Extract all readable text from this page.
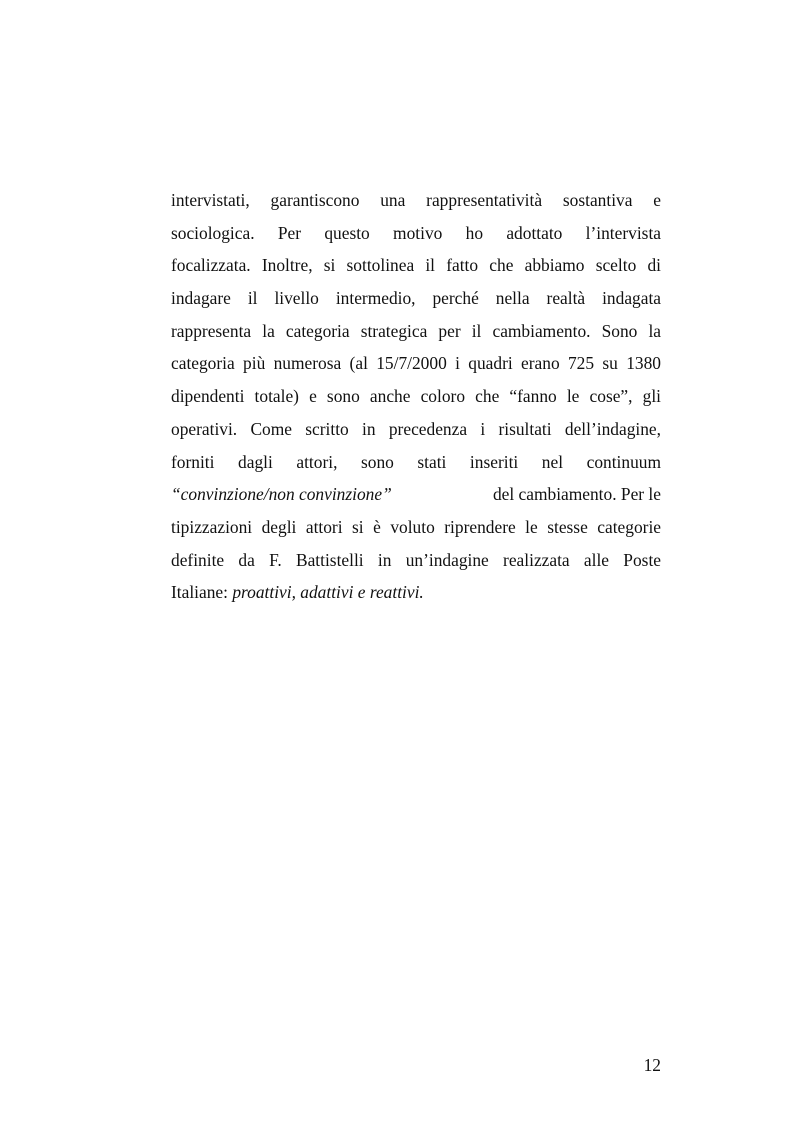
intervistati, garantiscono una rappresentatività sostantiva e
sociologica. Per questo motivo ho adottato l’intervista
focalizzata. Inoltre, si sottolinea il fatto che abbiamo scelto di
indagare il livello intermedio, perché nella realtà indagata
rappresenta la categoria strategica per il cambiamento. Sono la
categoria più numerosa (al 15/7/2000 i quadri erano 725 su 1380
dipendenti totale) e sono anche coloro che “fanno le cose”, gli
operativi. Come scritto in precedenza i risultati dell’indagine,
forniti dagli attori, sono stati inseriti nel continuum
“convinzione/non convinzione”	del cambiamento. Per le
tipizzazioni degli attori si è voluto riprendere le stesse categorie
definite da F. Battistelli in un’indagine realizzata alle Poste
Italiane: proattivi, adattivi e reattivi.
12
